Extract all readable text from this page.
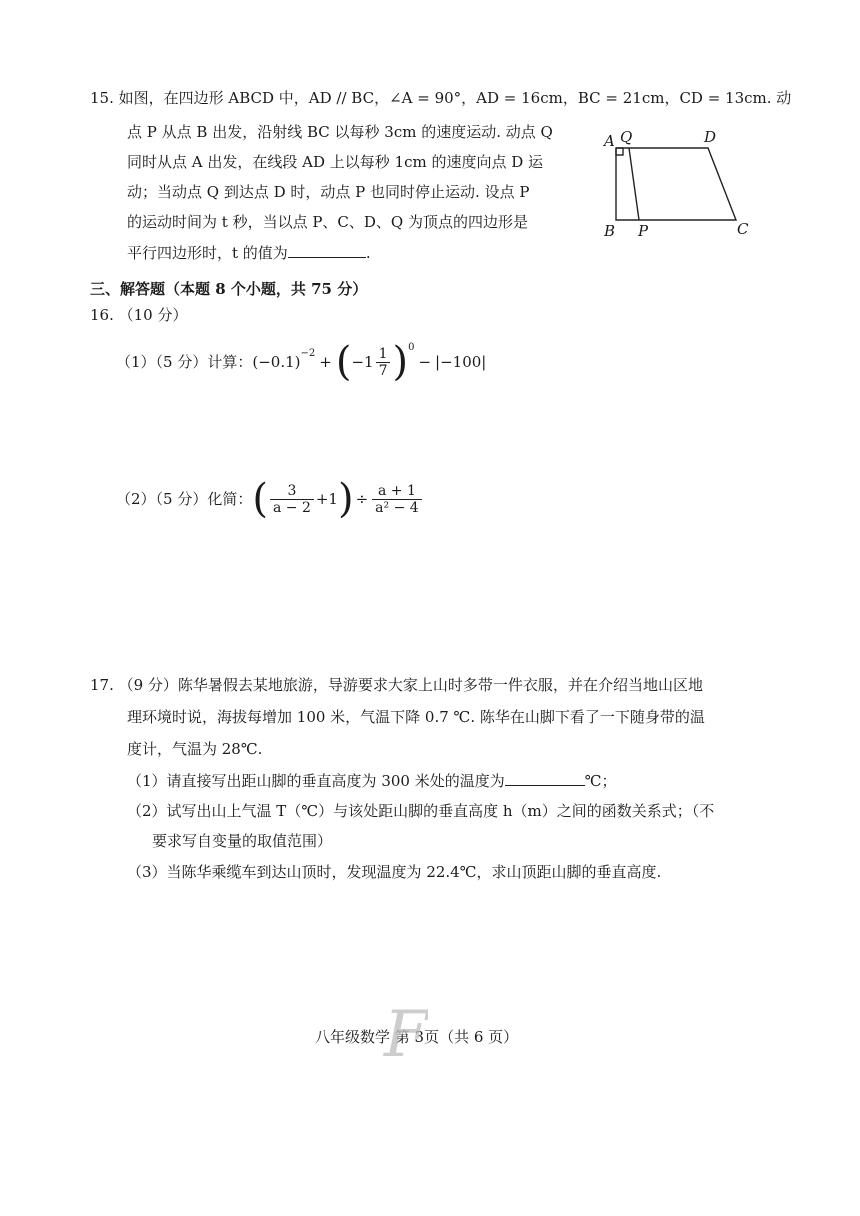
15. 如图，在四边形 ABCD 中，AD // BC，∠A = 90°，AD = 16cm，BC = 21cm，CD = 13cm. 动
点 P 从点 B 出发，沿射线 BC 以每秒 3cm 的速度运动. 动点 Q
同时从点 A 出发，在线段 AD 上以每秒 1cm 的速度向点 D 运
动；当动点 Q 到达点 D 时，动点 P 也同时停止运动. 设点 P
的运动时间为 t 秒，当以点 P、C、D、Q 为顶点的四边形是
平行四边形时，t 的值为	.
A Q	D
B P	C
三、解答题（本题 8 个小题，共 75 分）
16. （10 分）
（1）（5 分）计算： $(-0.1)^{-2}$ + ( $-1 \frac{1}{7} )^0$
− |−100|
（2）（5 分）化简： ( $\frac{3}{a - 2} +1$ ) ÷ $\frac{a + 1}{\text{a² − 4}}$
17. （9 分）陈华暑假去某地旅游，导游要求大家上山时多带一件衣服，并在介绍当地山区地
理环境时说，海拔每增加 100 米，气温下降 0.7 ℃. 陈华在山脚下看了一下随身带的温
度计，气温为 28℃.
（1）请直接写出距山脚的垂直高度为 300 米处的温度为	℃；
（2）试写出山上气温 T（℃）与该处距山脚的垂直高度 h（m）之间的函数关系式；（不
要求写自变量的取值范围）
（3）当陈华乘缆车到达山顶时，发现温度为 22.4℃，求山顶距山脚的垂直高度.
八年级数学 第 3页（共 6 页）
F
